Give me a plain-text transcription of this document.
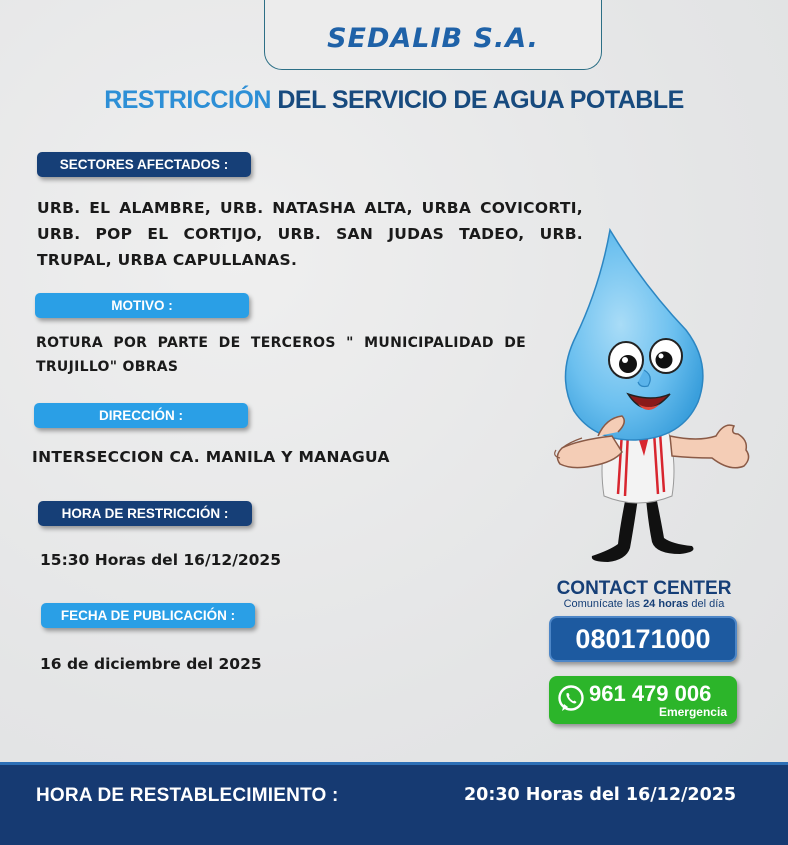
SEDALIB S.A.
RESTRICCIÓN DEL SERVICIO DE AGUA POTABLE
SECTORES AFECTADOS :
URB. EL ALAMBRE, URB. NATASHA ALTA, URBA COVICORTI, URB. POP EL CORTIJO, URB. SAN JUDAS TADEO, URB. TRUPAL, URBA CAPULLANAS.
MOTIVO :
ROTURA POR PARTE DE TERCEROS " MUNICIPALIDAD DE TRUJILLO" OBRAS
DIRECCIÓN :
INTERSECCION CA. MANILA Y MANAGUA
HORA DE RESTRICCIÓN :
15:30 Horas del 16/12/2025
FECHA DE PUBLICACIÓN :
16 de diciembre del 2025
CONTACT CENTER
Comunícate las 24 horas del día
080171000
961 479 006
Emergencia
HORA DE RESTABLECIMIENTO :	20:30 Horas del 16/12/2025
